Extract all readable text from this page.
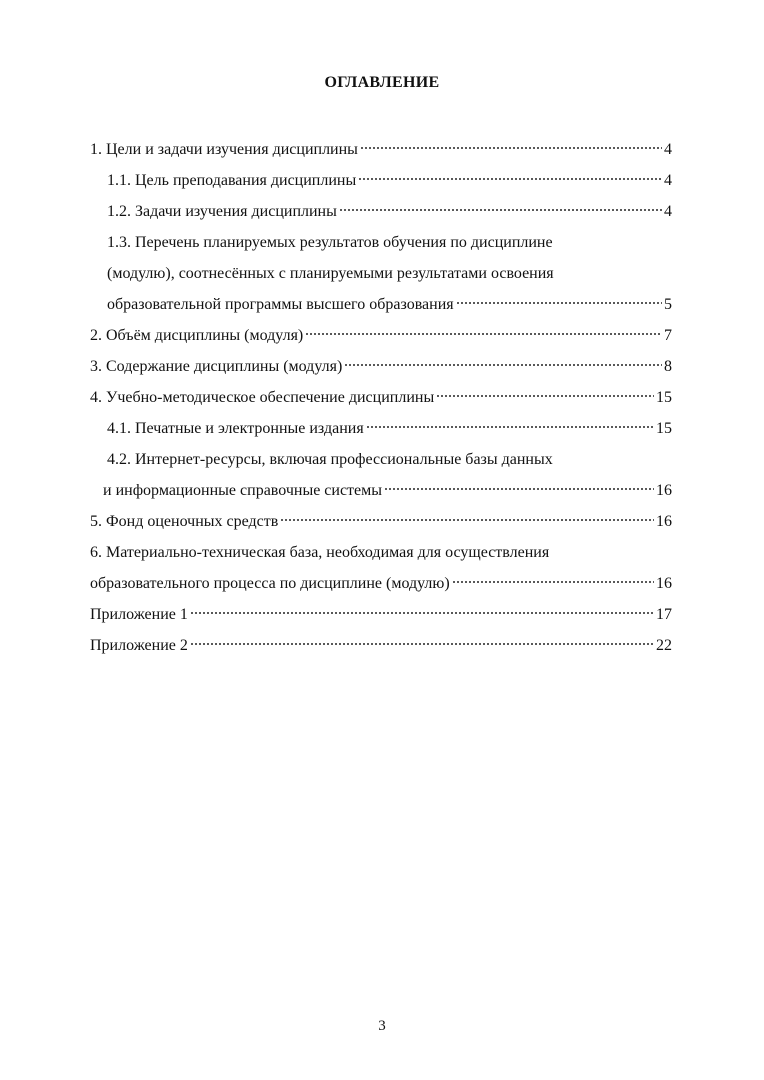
ОГЛАВЛЕНИЕ
1. Цели и задачи изучения дисциплины	4
1.1. Цель преподавания дисциплины	4
1.2. Задачи изучения дисциплины	4
1.3. Перечень планируемых результатов обучения по дисциплине
(модулю), соотнесённых с планируемыми результатами освоения
образовательной программы высшего образования	5
2. Объём дисциплины (модуля)	7
3. Содержание дисциплины (модуля)	8
4. Учебно-методическое обеспечение дисциплины	15
4.1. Печатные и электронные издания	15
4.2. Интернет-ресурсы, включая профессиональные базы данных
и информационные справочные системы	16
5. Фонд оценочных средств	16
6. Материально-техническая база, необходимая для осуществления
образовательного процесса по дисциплине (модулю)	16
Приложение 1	17
Приложение 2	22
3
